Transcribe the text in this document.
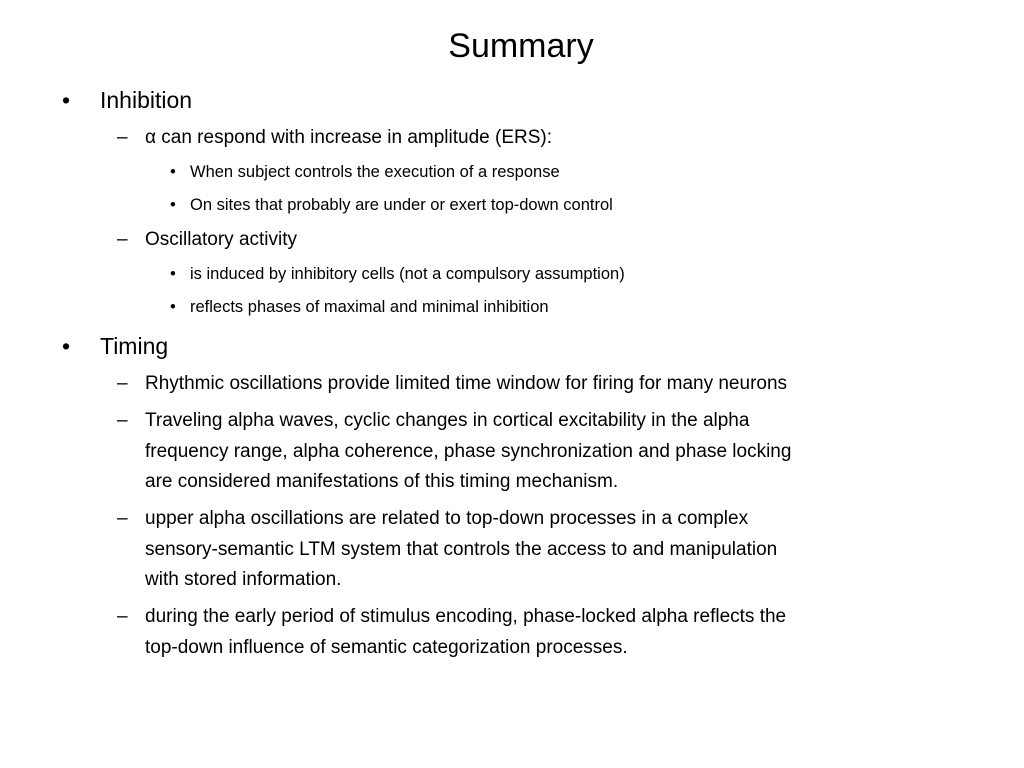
Summary
• Inhibition
– α can respond with increase in amplitude (ERS):
• When subject controls the execution of a response
• On sites that probably are under or exert top-down control
– Oscillatory activity
• is induced by inhibitory cells (not a compulsory assumption)
• reflects phases of maximal and minimal inhibition
• Timing
– Rhythmic oscillations provide limited time window for firing for many neurons
– Traveling alpha waves, cyclic changes in cortical excitability in the alpha
frequency range, alpha coherence, phase synchronization and phase locking
are considered manifestations of this timing mechanism.
– upper alpha oscillations are related to top-down processes in a complex
sensory-semantic LTM system that controls the access to and manipulation
with stored information.
– during the early period of stimulus encoding, phase-locked alpha reflects the
top-down influence of semantic categorization processes.
